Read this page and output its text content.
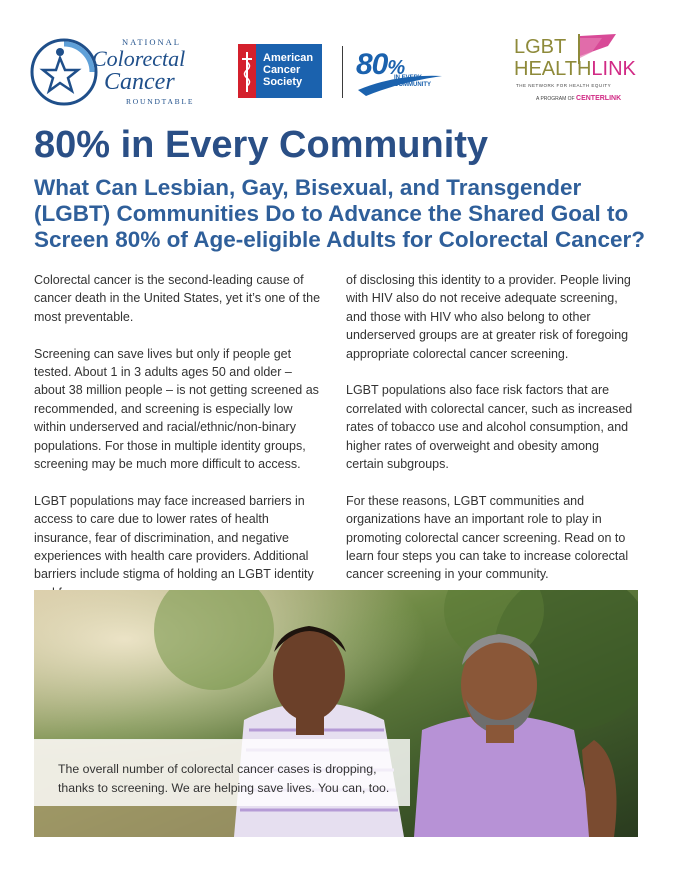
NATIONAL
Colorectal
Cancer
ROUNDTABLE
American Cancer Society
80%
IN EVERY COMMUNITY
LGBT
HEALTHLINK
THE NETWORK FOR HEALTH EQUITY
A PROGRAM OF CENTERLINK
80% in Every Community
What Can Lesbian, Gay, Bisexual, and Transgender (LGBT) Communities Do to Advance the Shared Goal to Screen 80% of Age-eligible Adults for Colorectal Cancer?

Colorectal cancer is the second-leading cause of cancer death in the United States, yet it’s one of the most preventable.

Screening can save lives but only if people get tested. About 1 in 3 adults ages 50 and older – about 38 million people – is not getting screened as recommended, and screening is especially low within underserved and racial/ethnic/non-binary populations. For those in multiple identity groups, screening may be much more difficult to access.

LGBT populations may face increased barriers in access to care due to lower rates of health insurance, fear of discrimination, and negative experiences with health care providers. Additional barriers include stigma of holding an LGBT identity

of disclosing this identity to a provider. People living with HIV also do not receive adequate screening, and those with HIV who also belong to other underserved groups are at greater risk of foregoing appropriate colorectal cancer screening.

LGBT populations also face risk factors that are correlated with colorectal cancer, such as increased rates of tobacco use and alcohol consumption, and higher rates of overweight and obesity among certain subgroups.

For these reasons, LGBT communities and organizations have an important role to play in promoting colorectal cancer screening. Read on to learn four steps you can take to increase colorectal cancer screening in your community.

The overall number of colorectal cancer cases is dropping, thanks to screening. We are helping save lives. You can, too.
